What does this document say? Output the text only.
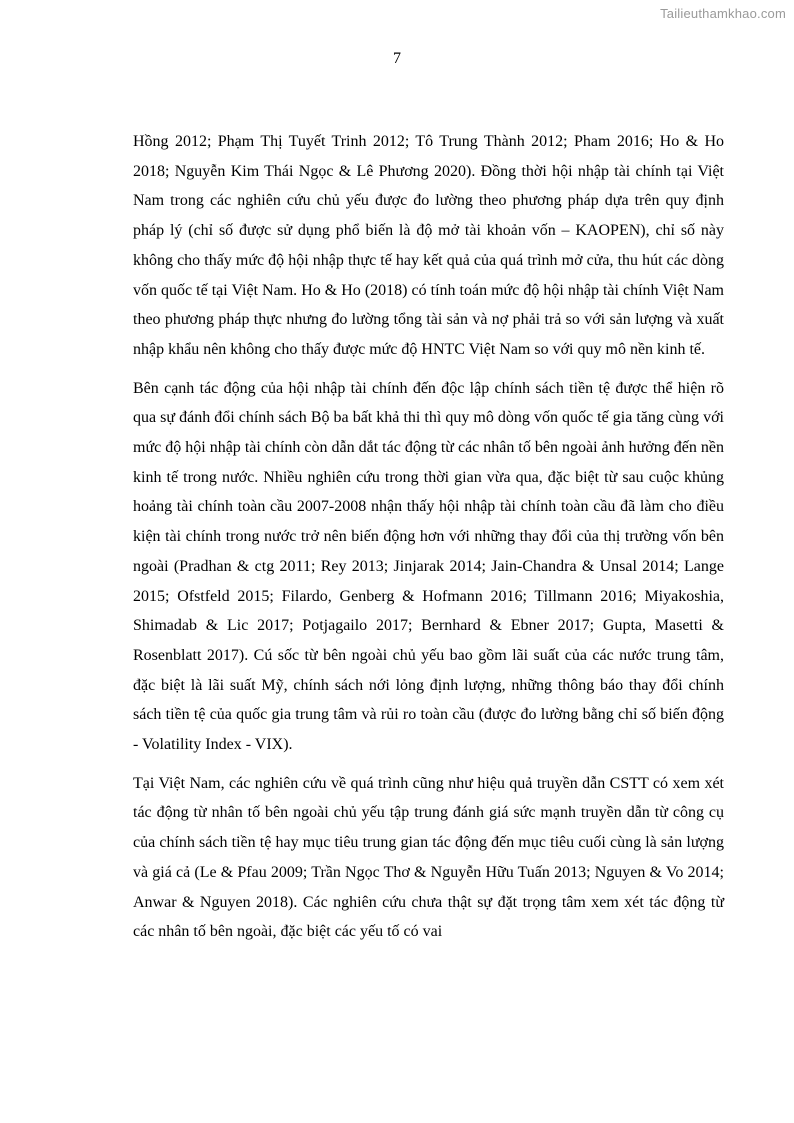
Tailieuthamkhao.com
7

Hồng 2012; Phạm Thị Tuyết Trinh 2012; Tô Trung Thành 2012; Pham 2016; Ho & Ho 2018; Nguyễn Kim Thái Ngọc & Lê Phương 2020). Đồng thời hội nhập tài chính tại Việt Nam trong các nghiên cứu chủ yếu được đo lường theo phương pháp dựa trên quy định pháp lý (chỉ số được sử dụng phổ biến là độ mở tài khoản vốn – KAOPEN), chỉ số này không cho thấy mức độ hội nhập thực tế hay kết quả của quá trình mở cửa, thu hút các dòng vốn quốc tế tại Việt Nam. Ho & Ho (2018) có tính toán mức độ hội nhập tài chính Việt Nam theo phương pháp thực nhưng đo lường tổng tài sản và nợ phải trả so với sản lượng và xuất nhập khẩu nên không cho thấy được mức độ HNTC Việt Nam so với quy mô nền kinh tế.

Bên cạnh tác động của hội nhập tài chính đến độc lập chính sách tiền tệ được thể hiện rõ qua sự đánh đổi chính sách Bộ ba bất khả thi thì quy mô dòng vốn quốc tế gia tăng cùng với mức độ hội nhập tài chính còn dẫn dắt tác động từ các nhân tố bên ngoài ảnh hưởng đến nền kinh tế trong nước. Nhiều nghiên cứu trong thời gian vừa qua, đặc biệt từ sau cuộc khủng hoảng tài chính toàn cầu 2007-2008 nhận thấy hội nhập tài chính toàn cầu đã làm cho điều kiện tài chính trong nước trở nên biến động hơn với những thay đổi của thị trường vốn bên ngoài (Pradhan & ctg 2011; Rey 2013; Jinjarak 2014; Jain-Chandra & Unsal 2014; Lange 2015; Ofstfeld 2015; Filardo, Genberg & Hofmann 2016; Tillmann 2016; Miyakoshia, Shimadab & Lic 2017; Potjagailo 2017; Bernhard & Ebner 2017; Gupta, Masetti & Rosenblatt 2017). Cú sốc từ bên ngoài chủ yếu bao gồm lãi suất của các nước trung tâm, đặc biệt là lãi suất Mỹ, chính sách nới lỏng định lượng, những thông báo thay đổi chính sách tiền tệ của quốc gia trung tâm và rủi ro toàn cầu (được đo lường bằng chỉ số biến động - Volatility Index - VIX).

Tại Việt Nam, các nghiên cứu về quá trình cũng như hiệu quả truyền dẫn CSTT có xem xét tác động từ nhân tố bên ngoài chủ yếu tập trung đánh giá sức mạnh truyền dẫn từ công cụ của chính sách tiền tệ hay mục tiêu trung gian tác động đến mục tiêu cuối cùng là sản lượng và giá cả (Le & Pfau 2009; Trần Ngọc Thơ & Nguyễn Hữu Tuấn 2013; Nguyen & Vo 2014; Anwar & Nguyen 2018). Các nghiên cứu chưa thật sự đặt trọng tâm xem xét tác động từ các nhân tố bên ngoài, đặc biệt các yếu tố có vai
